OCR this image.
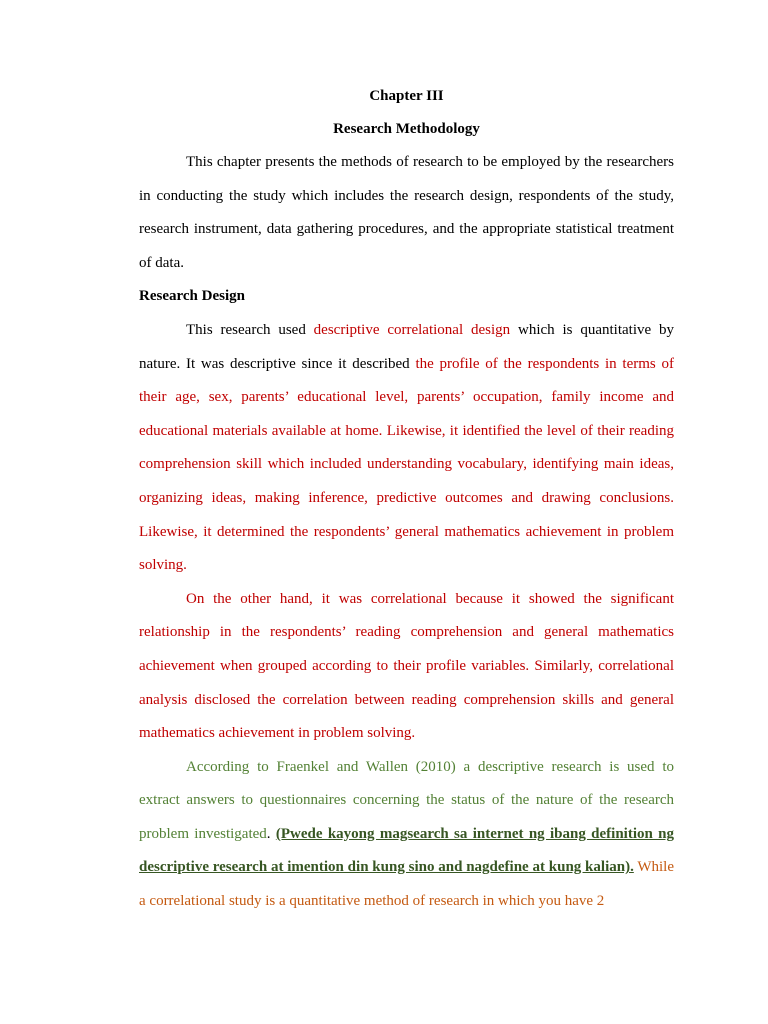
Chapter III
Research Methodology

This chapter presents the methods of research to be employed by the researchers in conducting the study which includes the research design, respondents of the study, research instrument, data gathering procedures, and the appropriate statistical treatment of data.

Research Design

This research used descriptive correlational design which is quantitative by nature. It was descriptive since it described the profile of the respondents in terms of their age, sex, parents’ educational level, parents’ occupation, family income and educational materials available at home. Likewise, it identified the level of their reading comprehension skill which included understanding vocabulary, identifying main ideas, organizing ideas, making inference, predictive outcomes and drawing conclusions. Likewise, it determined the respondents’ general mathematics achievement in problem solving.

On the other hand, it was correlational because it showed the significant relationship in the respondents’ reading comprehension and general mathematics achievement when grouped according to their profile variables. Similarly, correlational analysis disclosed the correlation between reading comprehension skills and general mathematics achievement in problem solving.

According to Fraenkel and Wallen (2010) a descriptive research is used to extract answers to questionnaires concerning the status of the nature of the research problem investigated. (Pwede kayong magsearch sa internet ng ibang definition ng descriptive research at imention din kung sino and nagdefine at kung kalian). While a correlational study is a quantitative method of research in which you have 2
